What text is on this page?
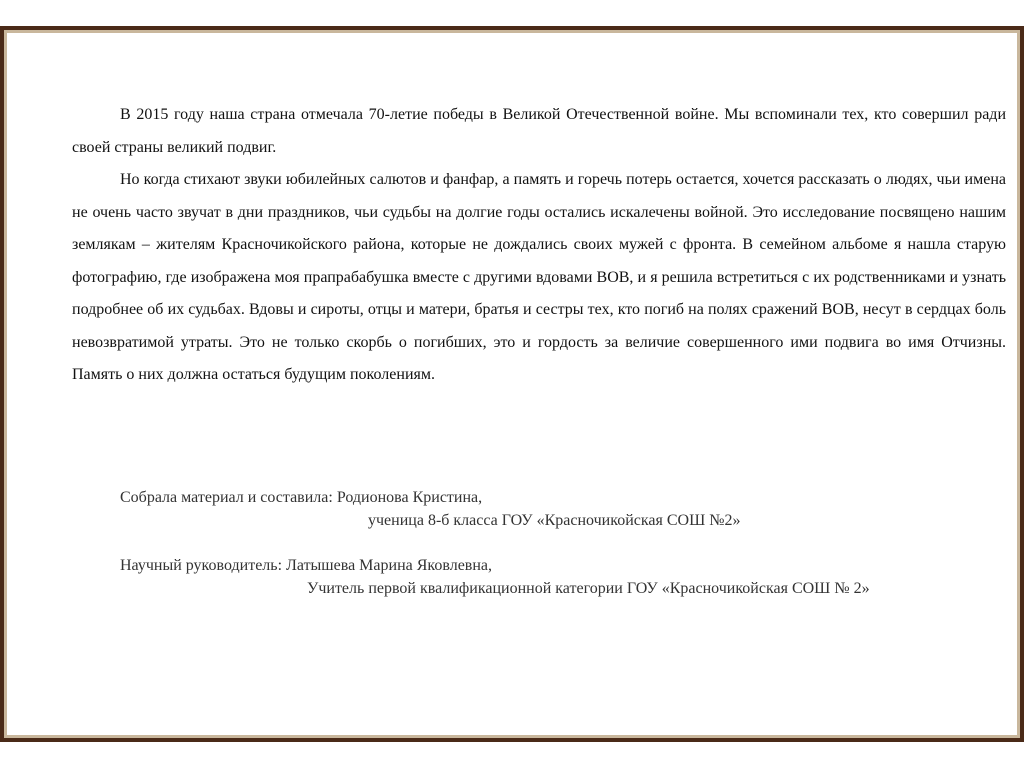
В 2015 году наша страна отмечала 70-летие победы в Великой Отечественной войне. Мы вспоминали тех, кто совершил ради своей страны великий подвиг.

Но когда стихают звуки юбилейных салютов и фанфар, а память и горечь потерь остается, хочется рассказать о людях, чьи имена не очень часто звучат в дни праздников, чьи судьбы на долгие годы остались искалечены войной. Это исследование посвящено нашим землякам – жителям Красночикойского района, которые не дождались своих мужей с фронта. В семейном альбоме я нашла старую фотографию, где изображена моя прапрабабушка вместе с другими вдовами ВОВ, и я решила встретиться с их родственниками и узнать подробнее об их судьбах. Вдовы и сироты, отцы и матери, братья и сестры тех, кто погиб на полях сражений ВОВ, несут в сердцах боль невозвратимой утраты. Это не только скорбь о погибших, это и гордость за величие совершенного ими подвига во имя Отчизны. Память о них должна остаться будущим поколениям.

Собрала материал и составила: Родионова Кристина,
ученица 8-б класса ГОУ «Красночикойская СОШ №2»
Научный руководитель: Латышева Марина Яковлевна,
Учитель первой квалификационной категории ГОУ «Красночикойская СОШ № 2»
